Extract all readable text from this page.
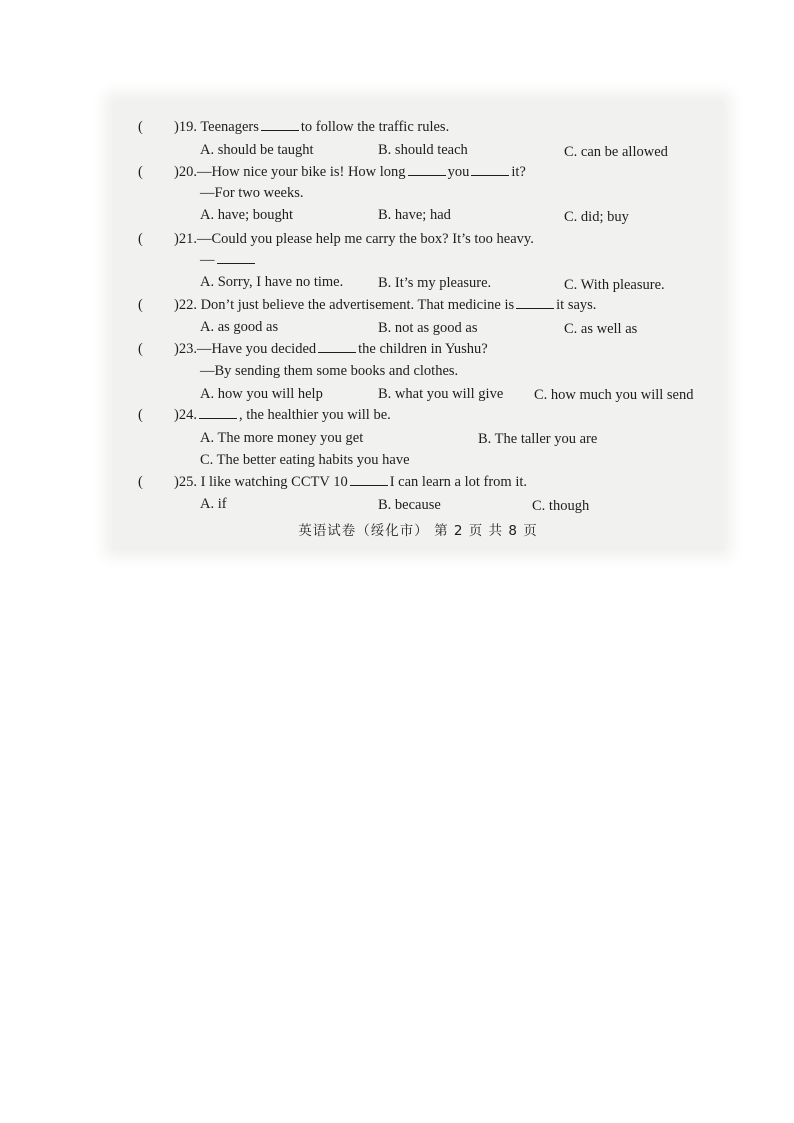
( )19. Teenagers	to follow the traffic rules.
A. should be taught	B. should teach	C. can be allowed
( )20.—How nice your bike is! How long	you	it?
—For two weeks.
A. have; bought	B. have; had	C. did; buy
( )21.—Could you please help me carry the box? It’s too heavy.
—
A. Sorry, I have no time. B. It’s my pleasure.	C. With pleasure.
( )22. Don’t just believe the advertisement. That medicine is	it says.
A. as good as	B. not as good as	C. as well as
( )23.—Have you decided	the children in Yushu?
—By sending them some books and clothes.
A. how you will help	B. what you will give C. how much you will send
( )24.	, the healthier you will be.
A. The more money you get	B. The taller you are
C. The better eating habits you have
( )25. I like watching CCTV 10	I can learn a lot from it.
A. if	B. because	C. though
英语试卷（绥化市） 第 2 页 共 8 页
